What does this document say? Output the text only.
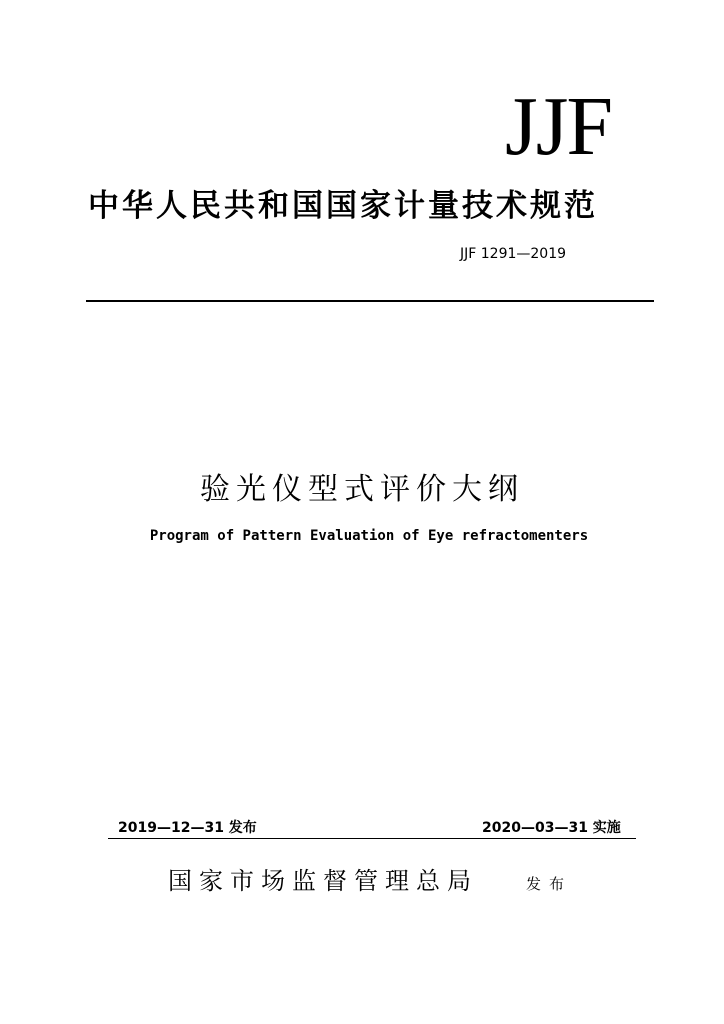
JJF
中华人民共和国国家计量技术规范
JJF 1291—2019
验光仪型式评价大纲
Program of Pattern Evaluation of Eye refractomenters
2019—12—31 发布	2020—03—31 实施
国家市场监督管理总局	发布
